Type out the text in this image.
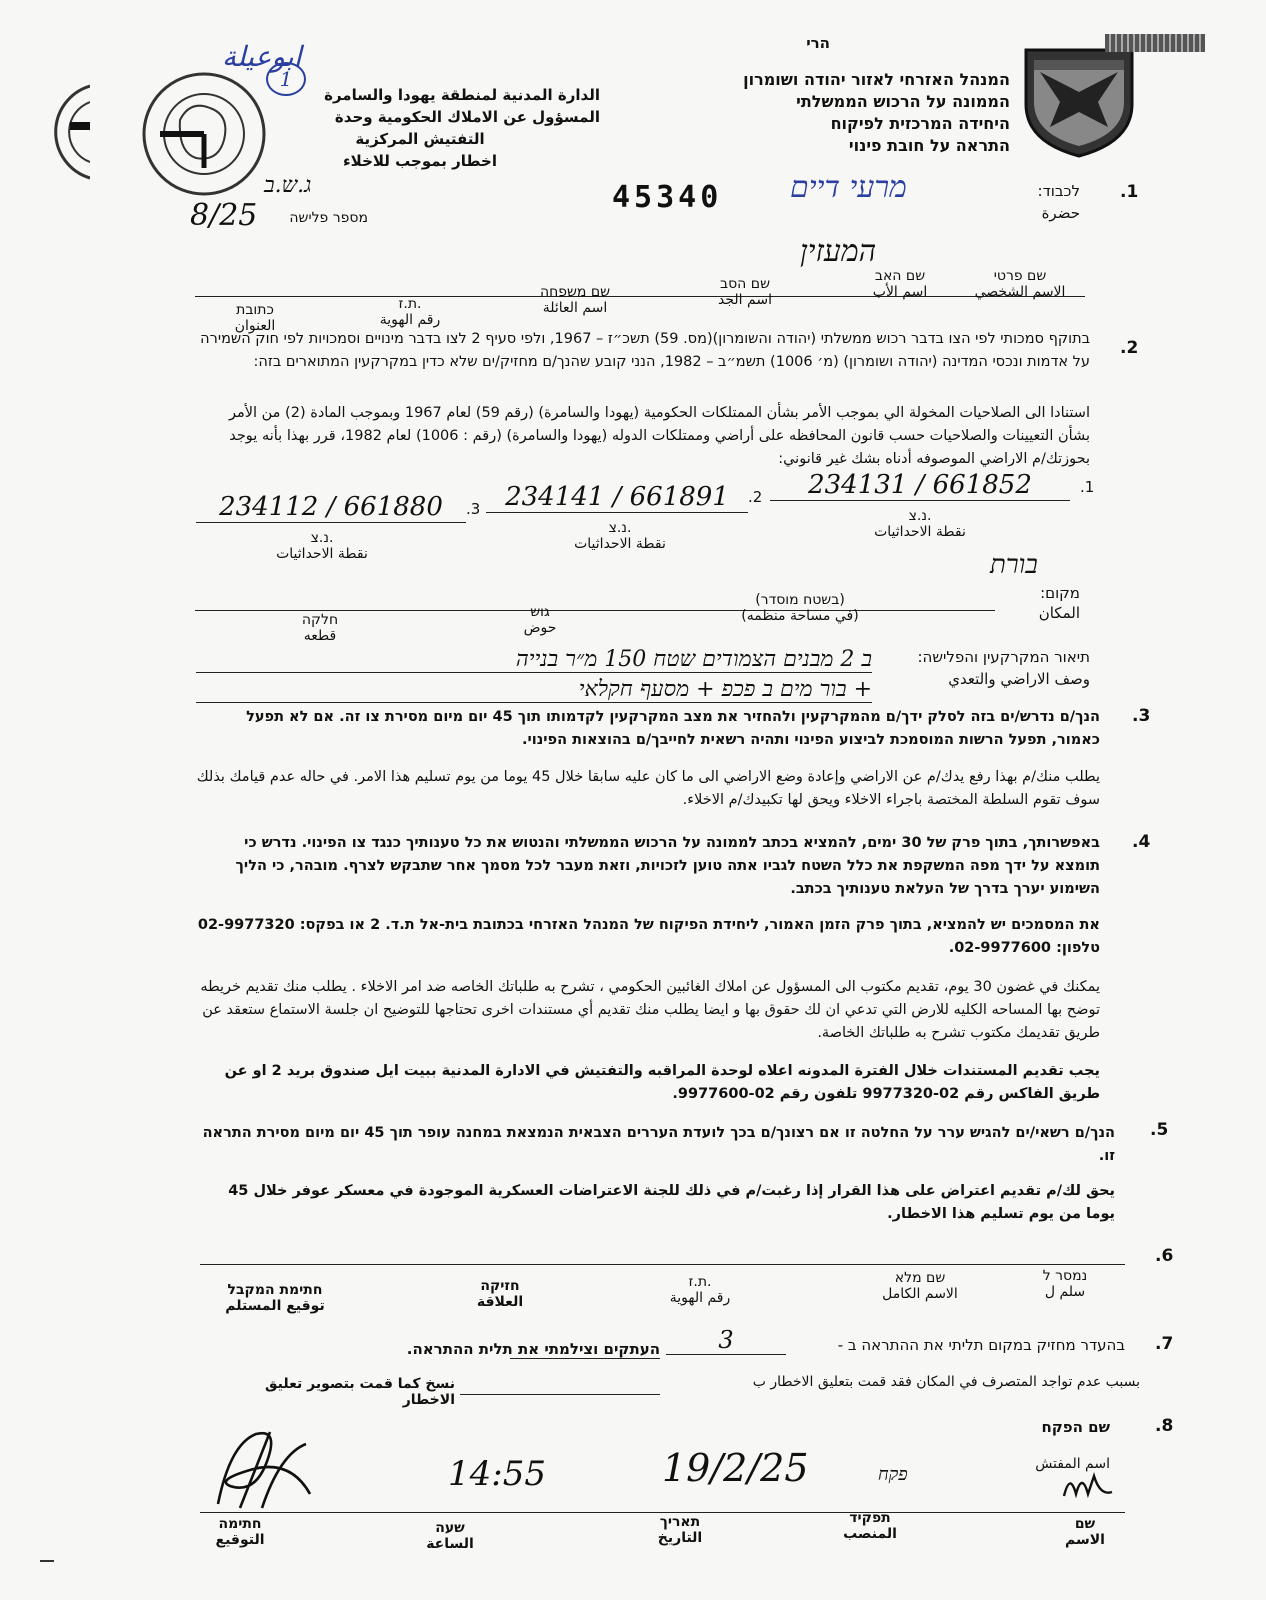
הרי
המנהל האזרחי לאזור יהודה ושומרון
הממונה על הרכוש הממשלתי
היחידה המרכזית לפיקוח
התראה על חובת פינוי
الدارة المدنية لمنطقة يهودا والسامرة
المسؤول عن الاملاك الحكومية وحدة
التفتيش المركزية
اخطار بموجب للاخلاء
ابوعيلة
1
.1
לכבוד:
حضرة
45340 מרעי דיים
המעזין
מספר פלישה
8/25
ג.ש.ב
שם פרטי
الاسم الشخصي
שם האב
اسم الأب
שם הסב
اسم الجد
שם משפחה
اسم العائلة
ת.ז.
رقم الهوية
כתובת
العنوان
.2
בתוקף סמכותי לפי הצו בדבר רכוש ממשלתי (יהודה והשומרון)(מס. 59) תשכ״ז – 1967, ולפי סעיף 2 לצו בדבר מינויים וסמכויות לפי חוק השמירה על אדמות ונכסי המדינה (יהודה ושומרון) (מ׳ 1006) תשמ״ב – 1982, הנני קובע שהנך/ם מחזיק/ים שלא כדין במקרקעין המתוארים בזה:
استنادا الى الصلاحيات المخولة الي بموجب الأمر بشأن الممتلكات الحكومية (يهودا والسامرة) (رقم 59) لعام 1967 وبموجب المادة (2) من الأمر بشأن التعيينات والصلاحيات حسب قانون المحافظه على أراضي وممتلكات الدوله (يهودا والسامرة) (رقم : 1006) لعام 1982، قرر بهذا بأنه يوجد بحوزتك/م الاراضي الموصوفه أدناه بشك غير قانوني:
.1
234131 / 661852
.2
234141 / 661891
.3
234112 / 661880	נ.צ.
نقطة الاحداثيات
נ.צ.
نقطة الاحداثيات
נ.צ.
نقطة الاحداثيات	בורת
מקום:
المكان
(בשטח מוסדר)
(في مساحة منظمه)
גוש
حوض
חלקה
قطعه
תיאור המקרקעין והפלישה:
وصف الاراضي والتعدي
ב 2 מבנים הצמודים שטח 150 מ״ר בנייה
+ בור מים ב פכפ + מסעף חקלאי
.3
הנך/ם נדרש/ים בזה לסלק ידך/ם מהמקרקעין ולהחזיר את מצב המקרקעין לקדמותו תוך 45 יום מיום מסירת צו זה. אם לא תפעל כאמור, תפעל הרשות המוסמכת לביצוע הפינוי ותהיה רשאית לחייבך/ם בהוצאות הפינוי.
يطلب منك/م بهذا رفع يدك/م عن الاراضي وإعادة وضع الاراضي الى ما كان عليه سابقا خلال 45 يوما من يوم تسليم هذا الامر. في حاله عدم قيامك بذلك سوف تقوم السلطة المختصة باجراء الاخلاء ويحق لها تكبيدك/م الاخلاء.
.4
באפשרותך, בתוך פרק של 30 ימים, להמציא בכתב לממונה על הרכוש הממשלתי והנטוש את כל טענותיך כנגד צו הפינוי. נדרש כי תומצא על ידך מפה המשקפת את כלל השטח לגביו אתה טוען לזכויות, וזאת מעבר לכל מסמך אחר שתבקש לצרף. מובהר, כי הליך השימוע יערך בדרך של העלאת טענותיך בכתב.
את המסמכים יש להמציא, בתוך פרק הזמן האמור, ליחידת הפיקוח של המנהל האזרחי בכתובת בית-אל ת.ד. 2 או בפקס: 02-9977320 טלפון: 02-9977600.
يمكنك في غضون 30 يوم، تقديم مكتوب الى المسؤول عن املاك الغائبين الحكومي ، تشرح به طلباتك الخاصه ضد امر الاخلاء . يطلب منك تقديم خريطه توضح بها المساحه الكليه للارض التي تدعي ان لك حقوق بها و ايضا يطلب منك تقديم أي مستندات اخرى تحتاجها للتوضيح ان جلسة الاستماع ستعقد عن طريق تقديمك مكتوب تشرح به طلباتك الخاصة.
يجب تقديم المستندات خلال الفترة المدونه اعلاه لوحدة المراقبه والتفتيش في الادارة المدنية ببيت ايل صندوق بريد 2 او عن طريق الفاكس رقم 02-9977320 تلفون رقم 02-9977600.
.5
הנך/ם רשאי/ים להגיש ערר על החלטה זו אם רצונך/ם בכך לועדת העררים הצבאית הנמצאת במחנה עופר תוך 45 יום מיום מסירת התראה זו.
يحق لك/م تقديم اعتراض على هذا القرار إذا رغبت/م في ذلك للجنة الاعتراضات العسكرية الموجودة في معسكر عوفر خلال 45 يوما من يوم تسليم هذا الاخطار.
.6
נמסר ל
سلم ل
שם מלא
الاسم الكامل
ת.ז.
رقم الهوية
חזיקה
العلاقة
חתימת המקבל
توقيع المستلم
.7
בהעדר מחזיק במקום תליתי את ההתראה ב -
3
העתקים וצילמתי את תלית ההתראה.
بسبب عدم تواجد المتصرف في المكان فقد قمت بتعليق الاخطار ب
نسخ كما قمت بتصوير تعليق الاخطار
.8
שם הפקח
اسم المفتش
פקח
19/2/25
14:55
שם
الاسم
תפקיד
المنصب
תאריך
التاريخ
שעה
الساعة
חתימה
التوقيع
